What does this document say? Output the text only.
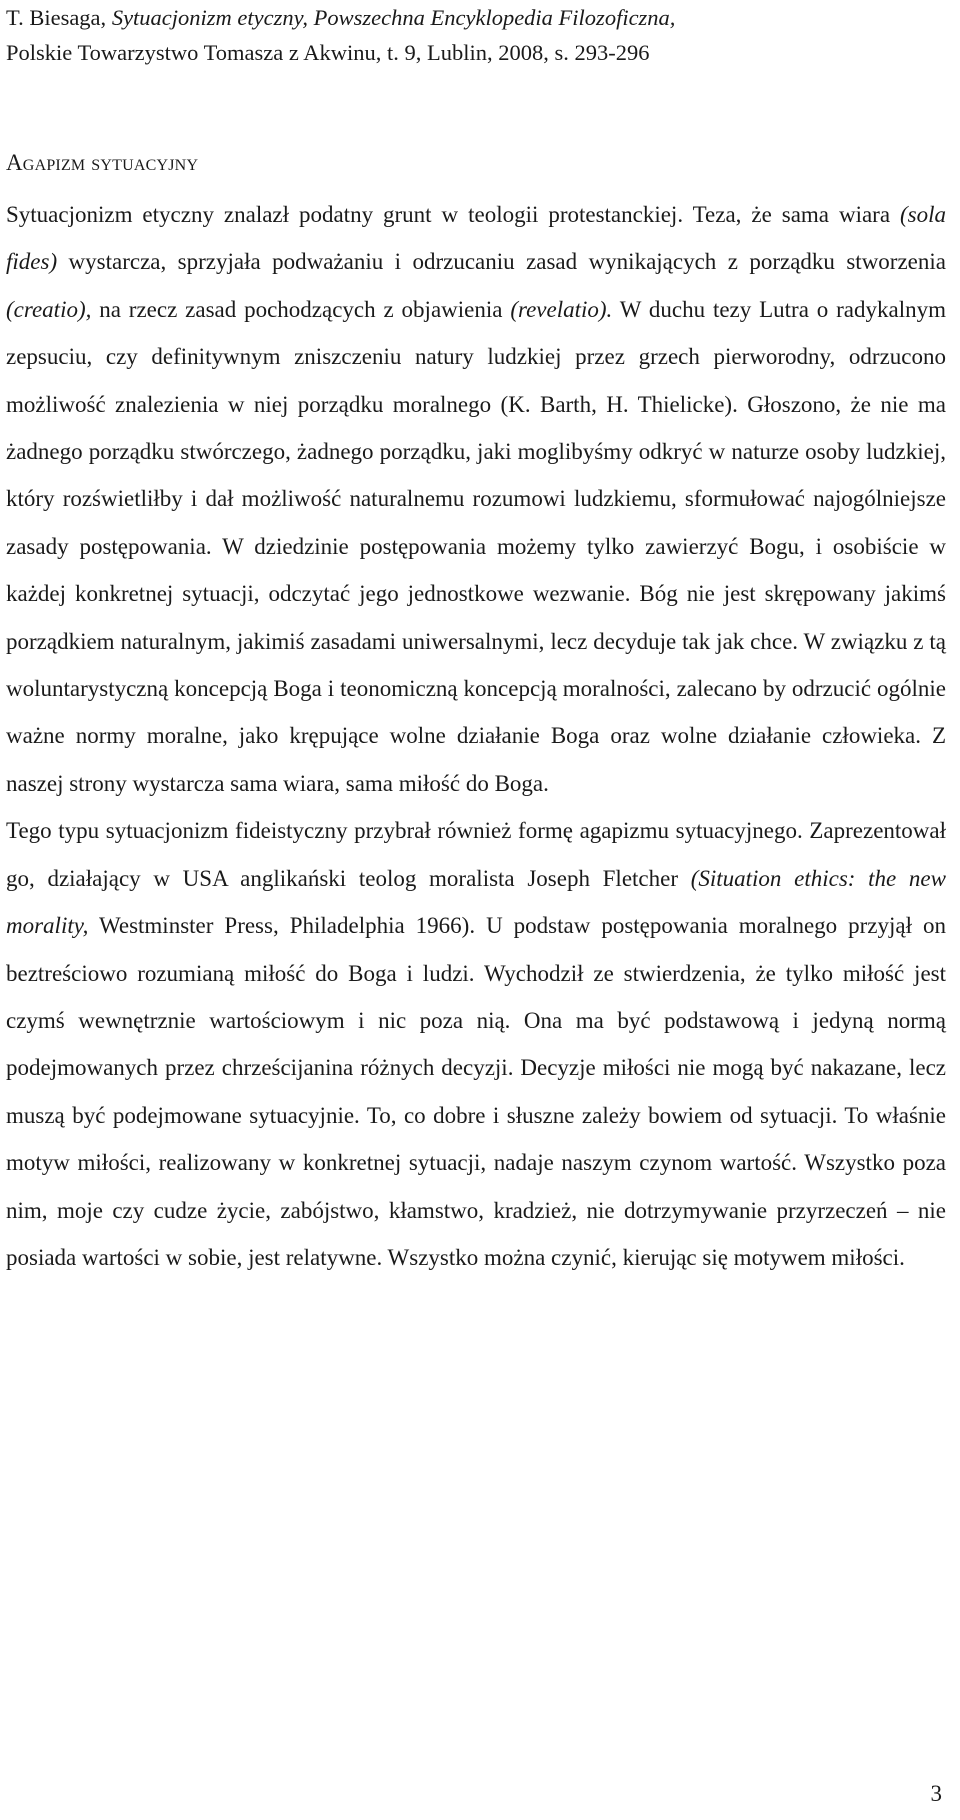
T. Biesaga, Sytuacjonizm etyczny, Powszechna Encyklopedia Filozoficzna,
Polskie Towarzystwo Tomasza z Akwinu, t. 9, Lublin, 2008, s. 293-296
Agapizm sytuacyjny

Sytuacjonizm etyczny znalazł podatny grunt w teologii protestanckiej. Teza, że sama wiara (sola fides) wystarcza, sprzyjała podważaniu i odrzucaniu zasad wynikających z porządku stworzenia (creatio), na rzecz zasad pochodzących z objawienia (revelatio). W duchu tezy Lutra o radykalnym zepsuciu, czy definitywnym zniszczeniu natury ludzkiej przez grzech pierworodny, odrzucono możliwość znalezienia w niej porządku moralnego (K. Barth, H. Thielicke). Głoszono, że nie ma żadnego porządku stwórczego, żadnego porządku, jaki moglibyśmy odkryć w naturze osoby ludzkiej, który rozświetliłby i dał możliwość naturalnemu rozumowi ludzkiemu, sformułować najogólniejsze zasady postępowania. W dziedzinie postępowania możemy tylko zawierzyć Bogu, i osobiście w każdej konkretnej sytuacji, odczytać jego jednostkowe wezwanie. Bóg nie jest skrępowany jakimś porządkiem naturalnym, jakimiś zasadami uniwersalnymi, lecz decyduje tak jak chce. W związku z tą woluntarystyczną koncepcją Boga i teonomiczną koncepcją moralności, zalecano by odrzucić ogólnie ważne normy moralne, jako krępujące wolne działanie Boga oraz wolne działanie człowieka. Z naszej strony wystarcza sama wiara, sama miłość do Boga.

Tego typu sytuacjonizm fideistyczny przybrał również formę agapizmu sytuacyjnego. Zaprezentował go, działający w USA anglikański teolog moralista Joseph Fletcher (Situation ethics: the new morality, Westminster Press, Philadelphia 1966). U podstaw postępowania moralnego przyjął on beztreściowo rozumianą miłość do Boga i ludzi. Wychodził ze stwierdzenia, że tylko miłość jest czymś wewnętrznie wartościowym i nic poza nią. Ona ma być podstawową i jedyną normą podejmowanych przez chrześcijanina różnych decyzji. Decyzje miłości nie mogą być nakazane, lecz muszą być podejmowane sytuacyjnie. To, co dobre i słuszne zależy bowiem od sytuacji. To właśnie motyw miłości, realizowany w konkretnej sytuacji, nadaje naszym czynom wartość. Wszystko poza nim, moje czy cudze życie, zabójstwo, kłamstwo, kradzież, nie dotrzymywanie przyrzeczeń – nie posiada wartości w sobie, jest relatywne. Wszystko można czynić, kierując się motywem miłości.

3
